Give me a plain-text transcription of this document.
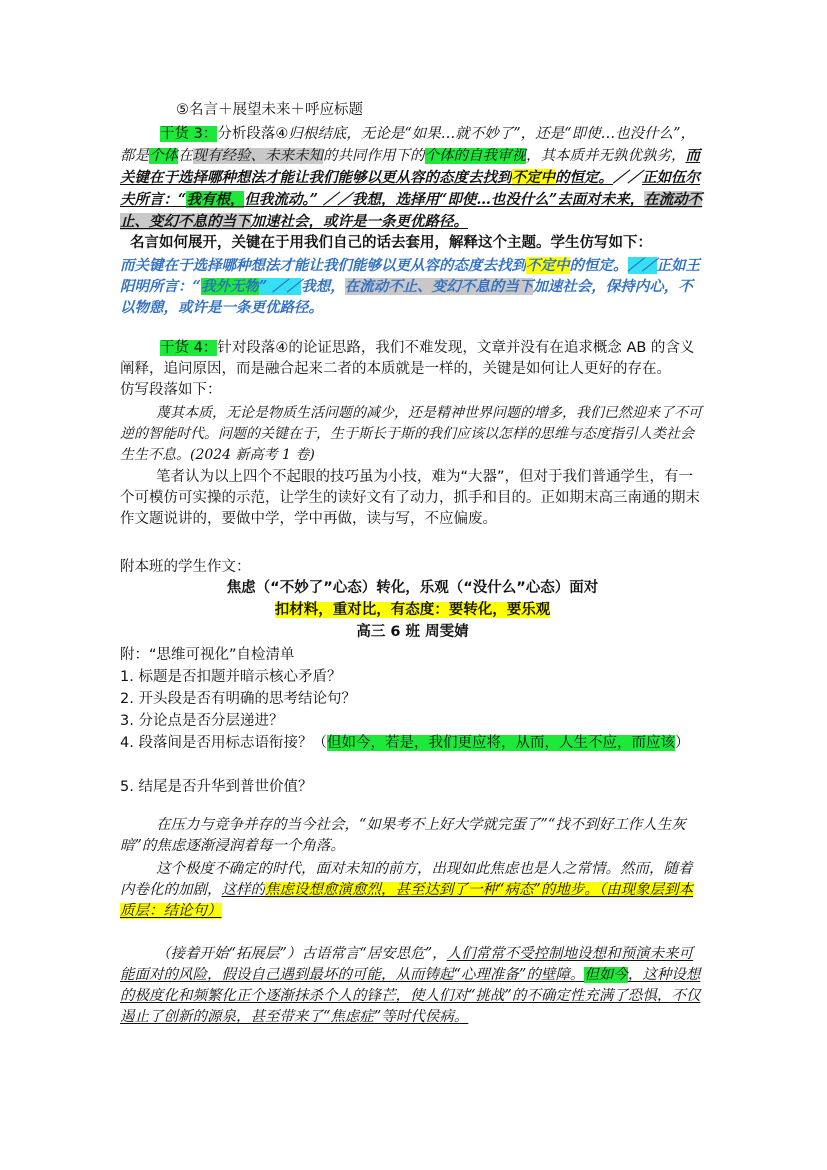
⑤名言＋展望未来＋呼应标题
干货 3：分析段落④归根结底，无论是“如果…就不妙了”，还是“即使…也没什么”，都是个体在现有经验、未来未知的共同作用下的个体的自我审视，其本质并无孰优孰劣，而关键在于选择哪种想法才能让我们能够以更从容的态度去找到不定中的恒定。／／正如伍尔夫所言：“我有根，但我流动。” ／／我想，选择用“即使…也没什么”去面对未来，在流动不止、变幻不息的当下加速社会，或许是一条更优路径。
名言如何展开，关键在于用我们自己的话去套用，解释这个主题。学生仿写如下：
而关键在于选择哪种想法才能让我们能够以更从容的态度去找到不定中的恒定。／／正如王阳明所言：“我外无物” ／／我想，在流动不止、变幻不息的当下加速社会，保持内心，不以物憩，或许是一条更优路径。
干货 4：针对段落④的论证思路，我们不难发现，文章并没有在追求概念 AB 的含义阐释，追问原因，而是融合起来二者的本质就是一样的，关键是如何让人更好的存在。
仿写段落如下：
蔑其本质，无论是物质生活问题的减少，还是精神世界问题的增多，我们已然迎来了不可逆的智能时代。问题的关键在于，生于斯长于斯的我们应该以怎样的思维与态度指引人类社会生生不息。(2024 新高考 1 卷)
笔者认为以上四个不起眼的技巧虽为小技，难为“大器”，但对于我们普通学生，有一个可模仿可实操的示范，让学生的读好文有了动力，抓手和目的。正如期末高三南通的期末作文题说讲的，要做中学，学中再做，读与写，不应偏废。
附本班的学生作文：
焦虑（“不妙了”心态）转化，乐观（“没什么”心态）面对
扣材料，重对比，有态度：要转化，要乐观
高三 6 班 周雯婧
附：“思维可视化”自检清单
1. 标题是否扣题并暗示核心矛盾？
2. 开头段是否有明确的思考结论句？
3. 分论点是否分层递进？
4. 段落间是否用标志语衔接？（但如今，若是，我们更应将，从而，人生不应，而应该）
5. 结尾是否升华到普世价值？
在压力与竞争并存的当今社会，“如果考不上好大学就完蛋了”“找不到好工作人生灰暗”的焦虑逐渐浸润着每一个角落。
这个极度不确定的时代，面对未知的前方，出现如此焦虑也是人之常情。然而，随着内卷化的加剧，这样的焦虑设想愈演愈烈，甚至达到了一种“病态”的地步。（由现象层到本质层：结论句）
（接着开始“拓展层”）古语常言“居安思危”，人们常常不受控制地设想和预演未来可能面对的风险，假设自己遇到最坏的可能，从而铸起“心理准备”的壁障。但如今，这种设想的极度化和频繁化正个逐渐抹杀个人的锋芒，使人们对“挑战”的不确定性充满了恐惧，不仅遏止了创新的源泉，甚至带来了“焦虑症”等时代侯病。
